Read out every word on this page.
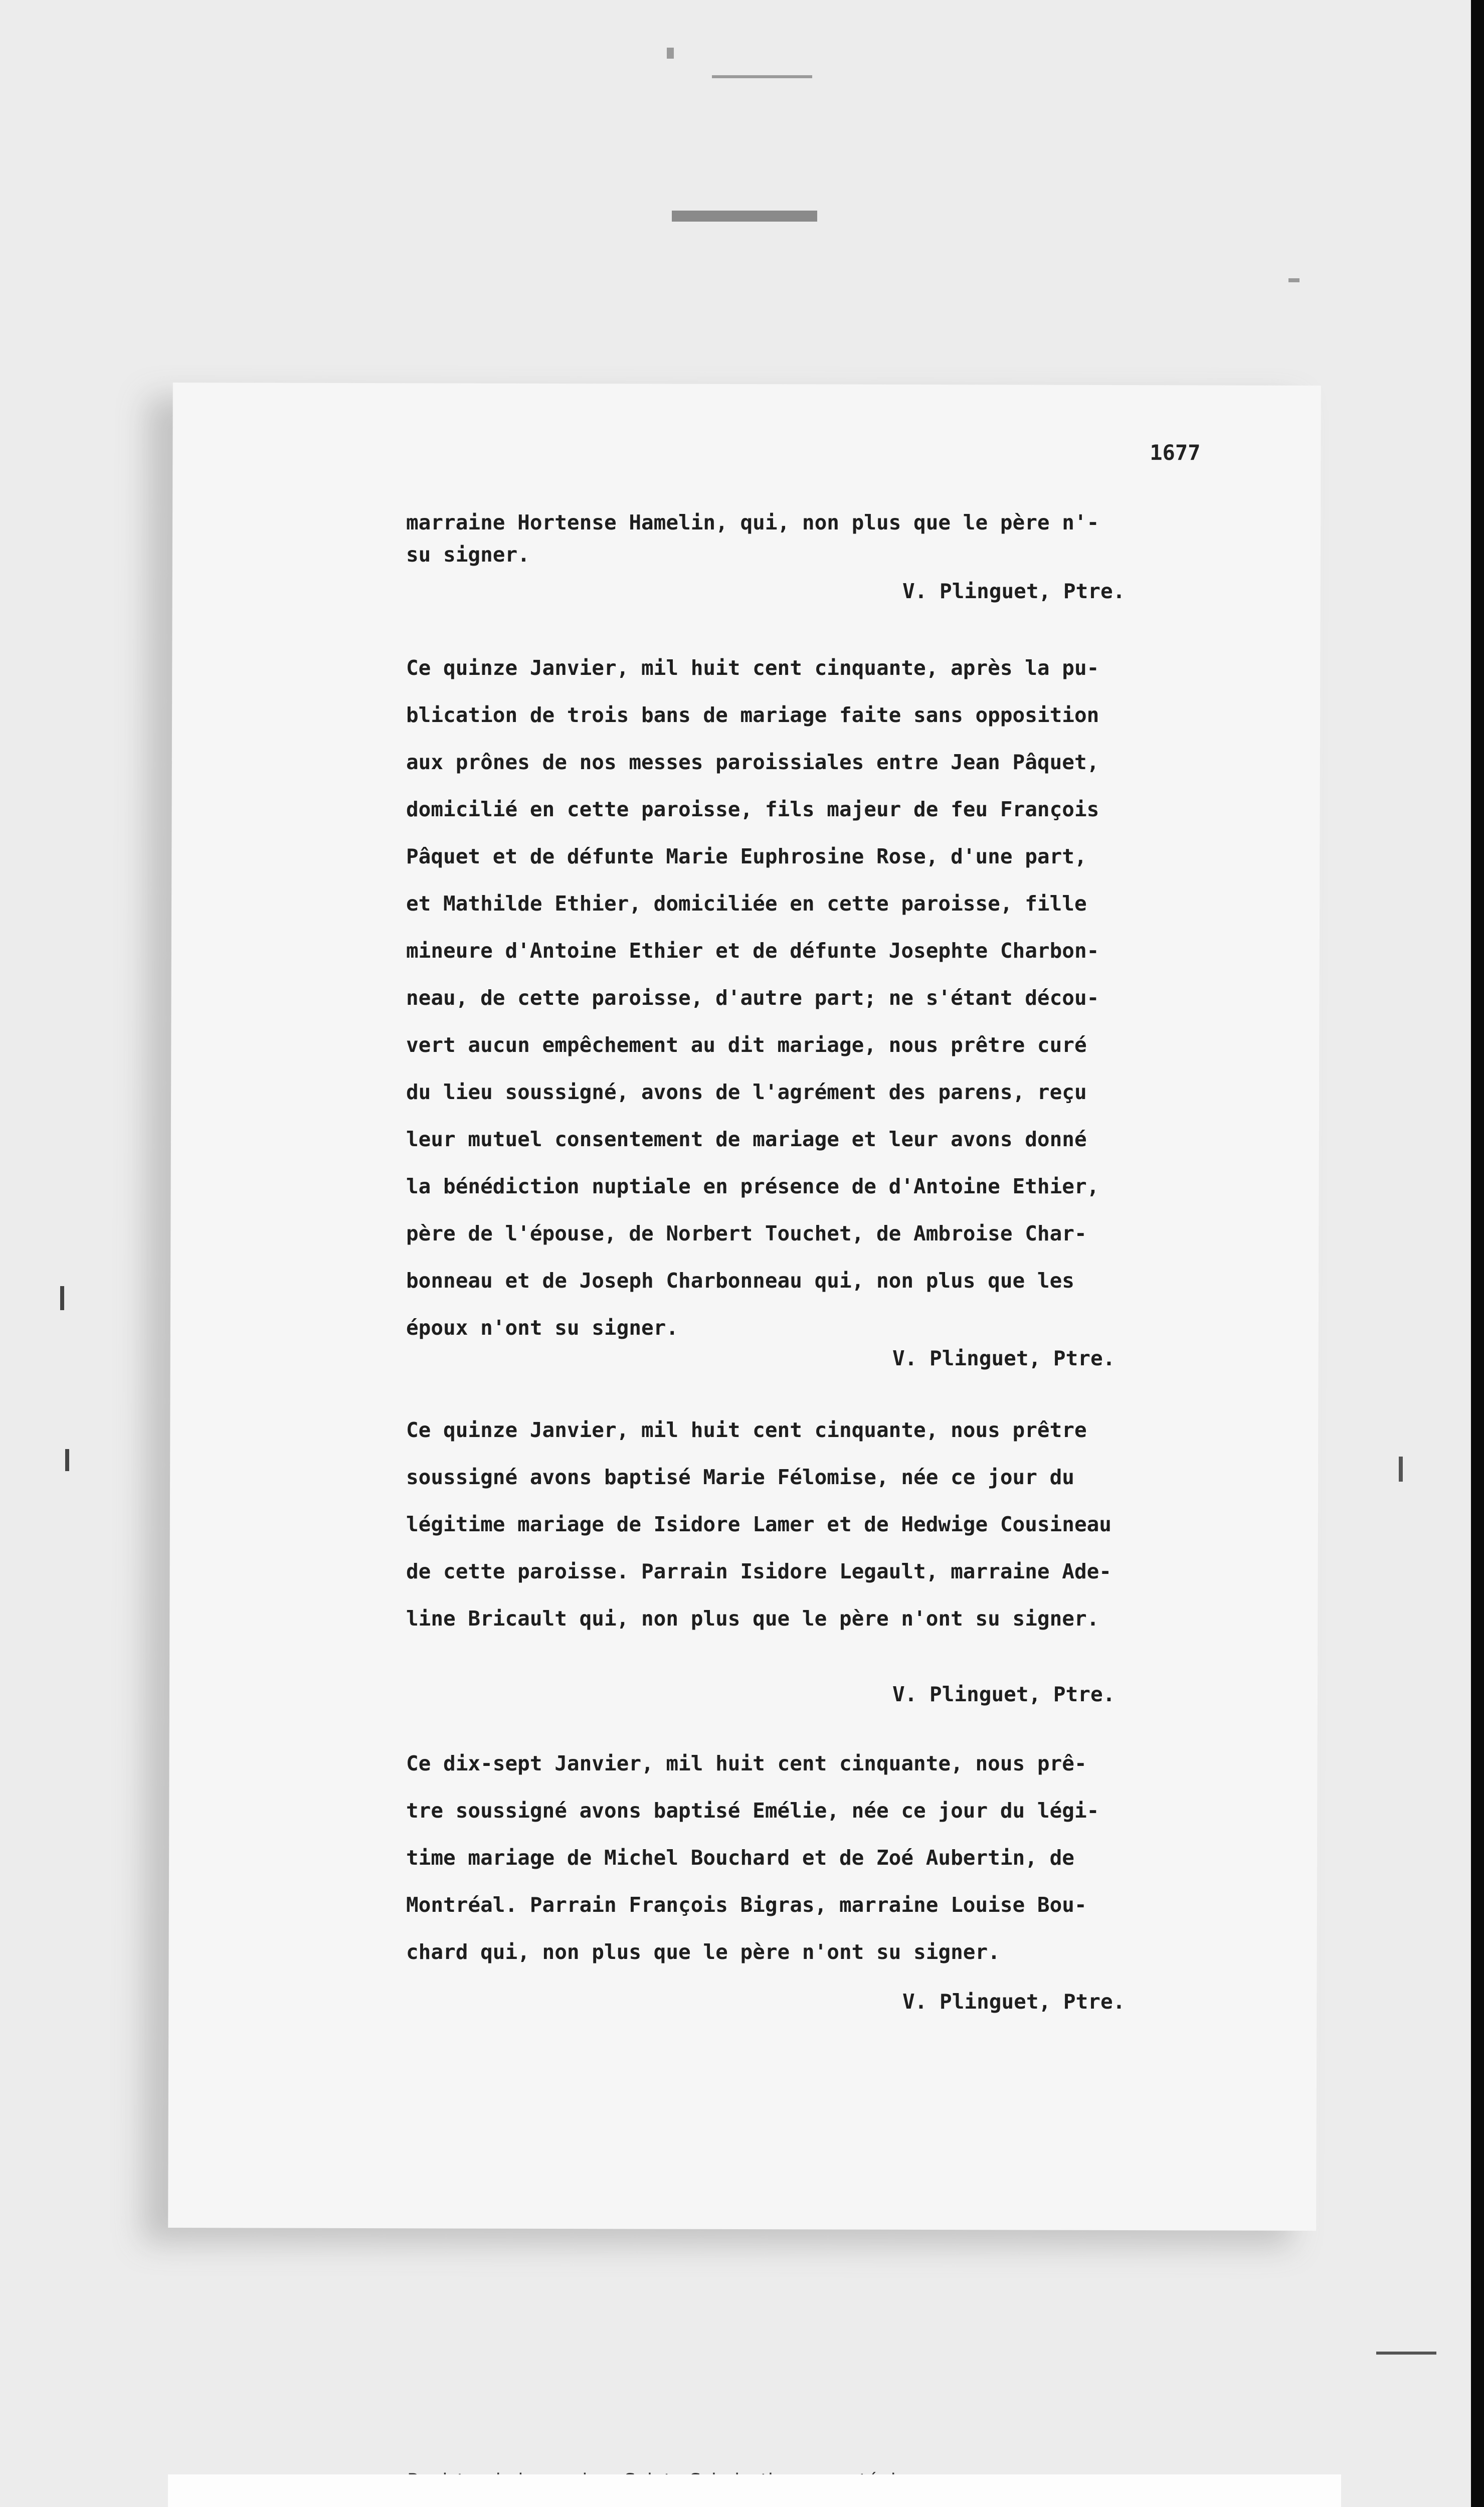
1677
marraine Hortense Hamelin, qui, non plus que le père n'-
su signer.
V. Plinguet, Ptre.
Ce quinze Janvier, mil huit cent cinquante, après la pu-
blication de trois bans de mariage faite sans opposition
aux prônes de nos messes paroissiales entre Jean Pâquet,
domicilié en cette paroisse, fils majeur de feu François
Pâquet et de défunte Marie Euphrosine Rose, d'une part,
et Mathilde Ethier, domiciliée en cette paroisse, fille
mineure d'Antoine Ethier et de défunte Josephte Charbon-
neau, de cette paroisse, d'autre part; ne s'étant décou-
vert aucun empêchement au dit mariage, nous prêtre curé
du lieu soussigné, avons de l'agrément des parens, reçu
leur mutuel consentement de mariage et leur avons donné
la bénédiction nuptiale en présence de d'Antoine Ethier,
père de l'épouse, de Norbert Touchet, de Ambroise Char-
bonneau et de Joseph Charbonneau qui, non plus que les
époux n'ont su signer.
V. Plinguet, Ptre.
Ce quinze Janvier, mil huit cent cinquante, nous prêtre
soussigné avons baptisé Marie Félomise, née ce jour du
légitime mariage de Isidore Lamer et de Hedwige Cousineau
de cette paroisse. Parrain Isidore Legault, marraine Ade-
line Bricault qui, non plus que le père n'ont su signer.
V. Plinguet, Ptre.
Ce dix-sept Janvier, mil huit cent cinquante, nous prê-
tre soussigné avons baptisé Emélie, née ce jour du légi-
time mariage de Michel Bouchard et de Zoé Aubertin, de
Montréal. Parrain François Bigras, marraine Louise Bou-
chard qui, non plus que le père n'ont su signer.
V. Plinguet, Ptre.
